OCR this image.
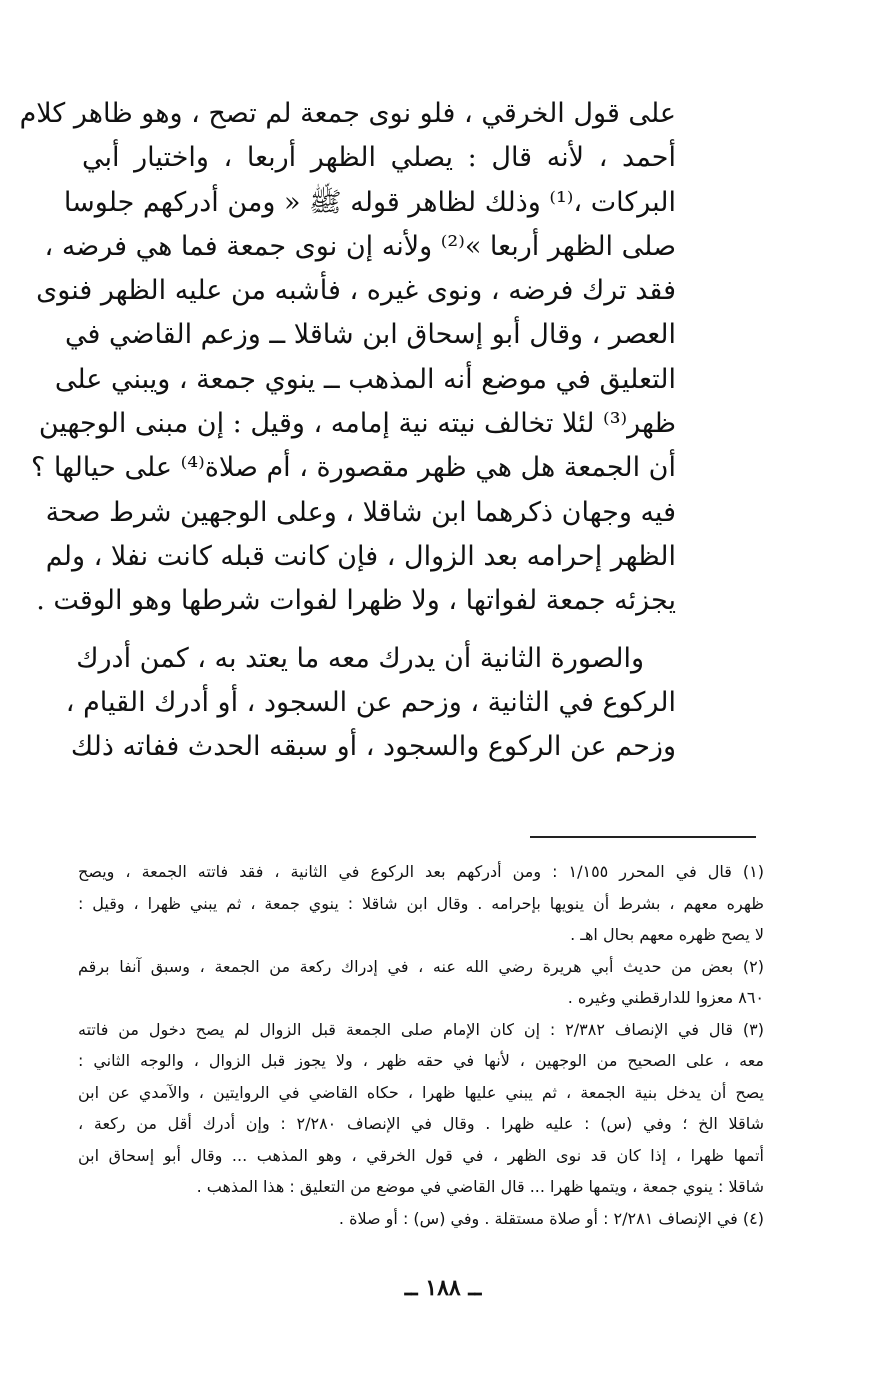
على قول الخرقي ، فلو نوى جمعة لم تصح ، وهو ظاهر كلام
أحمد ، لأنه قال : يصلي الظهر أربعا ، واختيار أبي
البركات ،⁽¹⁾ وذلك لظاهر قوله ﷺ « ومن أدركهم جلوسا
صلى الظهر أربعا »⁽²⁾ ولأنه إن نوى جمعة فما هي فرضه ،
فقد ترك فرضه ، ونوى غيره ، فأشبه من عليه الظهر فنوى
العصر ، وقال أبو إسحاق ابن شاقلا ــ وزعم القاضي في
التعليق في موضع أنه المذهب ــ ينوي جمعة ، ويبني على
ظهر⁽³⁾ لئلا تخالف نيته نية إمامه ، وقيل : إن مبنى الوجهين
أن الجمعة هل هي ظهر مقصورة ، أم صلاة⁽⁴⁾ على حيالها ؟
فيه وجهان ذكرهما ابن شاقلا ، وعلى الوجهين شرط صحة
الظهر إحرامه بعد الزوال ، فإن كانت قبله كانت نفلا ، ولم
يجزئه جمعة لفواتها ، ولا ظهرا لفوات شرطها وهو الوقت .
والصورة الثانية أن يدرك معه ما يعتد به ، كمن أدرك
الركوع في الثانية ، وزحم عن السجود ، أو أدرك القيام ،
وزحم عن الركوع والسجود ، أو سبقه الحدث ففاته ذلك
(١) قال في المحرر ١/١٥٥ : ومن أدركهم بعد الركوع في الثانية ، فقد فاتته الجمعة ، ويصح
ظهره معهم ، بشرط أن ينويها بإحرامه . وقال ابن شاقلا : ينوي جمعة ، ثم يبني ظهرا ، وقيل :
لا يصح ظهره معهم بحال اهـ .
(٢) بعض من حديث أبي هريرة رضي الله عنه ، في إدراك ركعة من الجمعة ، وسبق آنفا برقم
٨٦٠ معزوا للدارقطني وغيره .
(٣) قال في الإنصاف ٢/٣٨٢ : إن كان الإمام صلى الجمعة قبل الزوال لم يصح دخول من فاتته
معه ، على الصحيح من الوجهين ، لأنها في حقه ظهر ، ولا يجوز قبل الزوال ، والوجه الثاني :
يصح أن يدخل بنية الجمعة ، ثم يبني عليها ظهرا ، حكاه القاضي في الروايتين ، والآمدي عن ابن
شاقلا الخ ؛ وفي (س) : عليه ظهرا . وقال في الإنصاف ٢/٢٨٠ : وإن أدرك أقل من ركعة ،
أتمها ظهرا ، إذا كان قد نوى الظهر ، في قول الخرقي ، وهو المذهب ... وقال أبو إسحاق ابن
شاقلا : ينوي جمعة ، ويتمها ظهرا ... قال القاضي في موضع من التعليق : هذا المذهب .
(٤) في الإنصاف ٢/٢٨١ : أو صلاة مستقلة . وفي (س) : أو صلاة .
ــ ١٨٨ ــ
